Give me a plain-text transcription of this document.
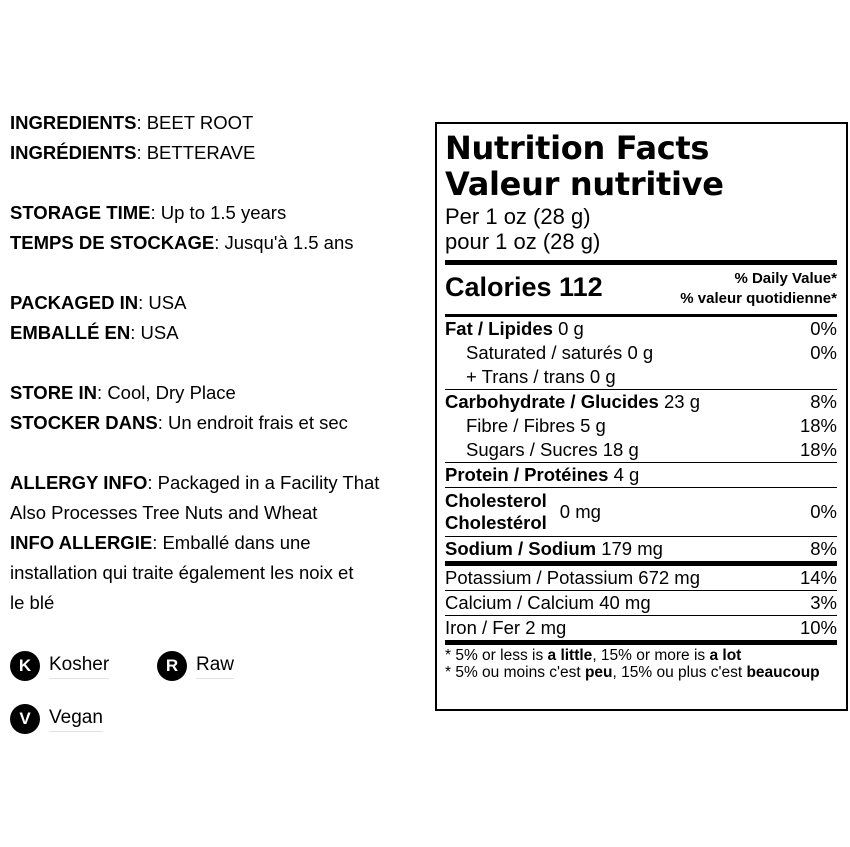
INGREDIENTS: BEET ROOT
INGRÉDIENTS: BETTERAVE
STORAGE TIME: Up to 1.5 years
TEMPS DE STOCKAGE: Jusqu'à 1.5 ans
PACKAGED IN: USA
EMBALLÉ EN: USA
STORE IN: Cool, Dry Place
STOCKER DANS: Un endroit frais et sec
ALLERGY INFO: Packaged in a Facility That
Also Processes Tree Nuts and Wheat
INFO ALLERGIE: Emballé dans une
installation qui traite également les noix et
le blé
K Kosher	R Raw
V Vegan
Nutrition Facts
Valeur nutritive
Per 1 oz (28 g)
pour 1 oz (28 g)
Calories 112	% Daily Value*
% valeur quotidienne*
Fat / Lipides 0 g	0%
Saturated / saturés 0 g	0%
+ Trans / trans 0 g
Carbohydrate / Glucides 23 g	8%
Fibre / Fibres 5 g	18%
Sugars / Sucres 18 g	18%
Protein / Protéines 4 g
Cholesterol
Cholestérol
0 mg	0%
Sodium / Sodium 179 mg	8%
Potassium / Potassium 672 mg	14%
Calcium / Calcium 40 mg	3%
Iron / Fer 2 mg	10%
* 5% or less is a little, 15% or more is a lot
* 5% ou moins c'est peu, 15% ou plus c'est beaucoup
